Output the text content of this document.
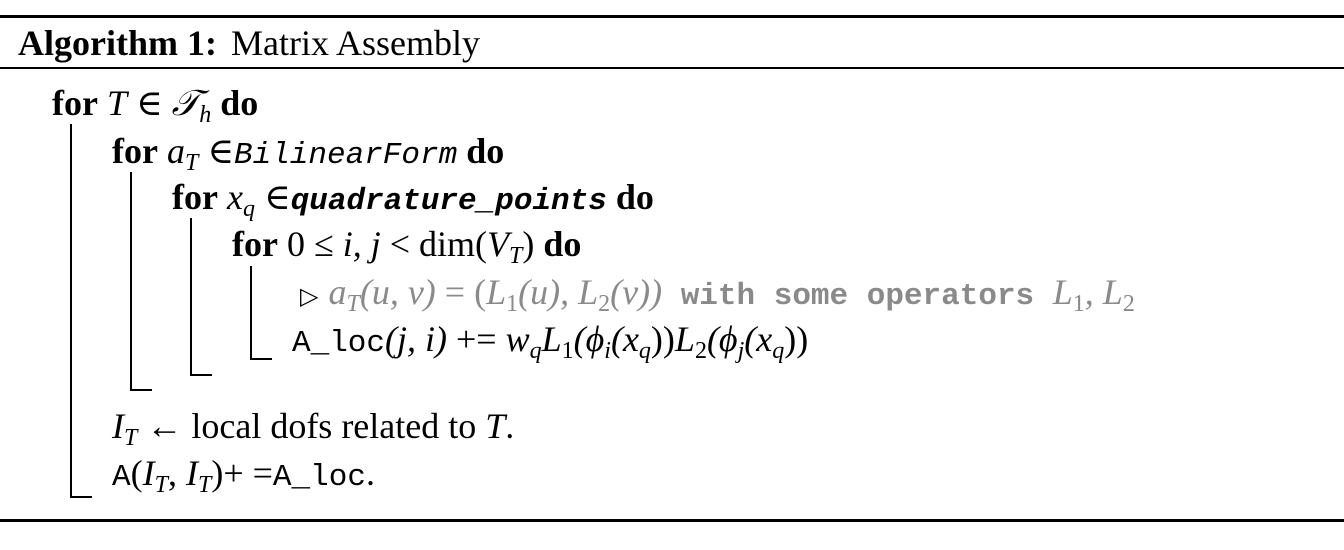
Algorithm 1: Matrix Assembly
for T ∈ 𝒯$_h$ do
for $a_T$ ∈BilinearForm do
for $x_q$ ∈quadrature_points do
for 0 ≤ i, $j < dim(V_T)$ do
▷ $a_T(u$, $v) = (L_1(u)$, $L_2(v)$) with some operators $L_1$, $L_2$
A_loc(j, $i) += w_qL_1(\phi_i(x_q))L_2(\phi_j(x_q))$
$I_T$ ← local dofs related to T.
$A(I_T$, $I_T)+$ =A_loc.
